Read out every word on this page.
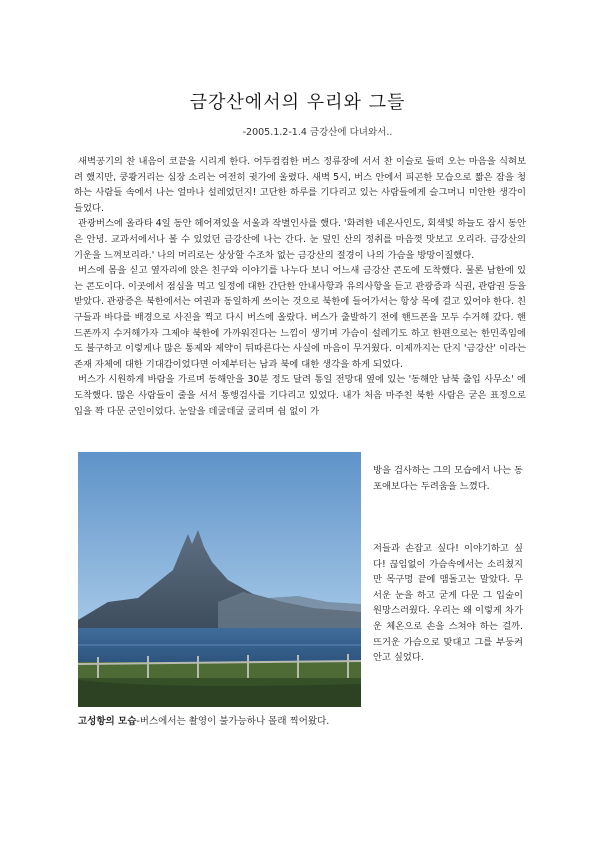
금강산에서의 우리와 그들
-2005.1.2-1.4 금강산에 다녀와서..

새벽공기의 찬 내음이 코끝을 시리게 한다. 어두컴컴한 버스 정류장에 서서 찬 이슬로 들떠 오는 마음을 식혀보려 했지만, 쿵쾅거리는 심장 소리는 여전히 귓가에 울렸다. 새벽 5시, 버스 안에서 피곤한 모습으로 짧은 잠을 청하는 사람들 속에서 나는 얼마나 설레었던지! 고단한 하루를 기다리고 있는 사람들에게 슬그머니 미안한 생각이 들었다.

관광버스에 올라타 4일 동안 헤어져있을 서울과 작별인사를 했다. '화려한 네온사인도, 회색빛 하늘도 잠시 동안은 안녕. 교과서에서나 볼 수 있었던 금강산에 나는 간다. 눈 덮인 산의 정취를 마음껏 맛보고 오리라. 금강산의 기운을 느껴보리라.' 나의 머리로는 상상할 수조차 없는 금강산의 절경이 나의 가슴을 방망이질했다.

버스에 몸을 싣고 옆자리에 앉은 친구와 이야기를 나누다 보니 어느새 금강산 콘도에 도착했다. 물론 남한에 있는 콘도이다. 이곳에서 점심을 먹고 일정에 대한 간단한 안내사항과 유의사항을 듣고 관광증과 식권, 관람권 등을 받았다. 관광증은 북한에서는 여권과 동일하게 쓰이는 것으로 북한에 들어가서는 항상 목에 걸고 있어야 한다. 친구들과 바다를 배경으로 사진을 찍고 다시 버스에 올랐다. 버스가 출발하기 전에 핸드폰을 모두 수거해 갔다. 핸드폰까지 수거해가자 그제야 북한에 가까워진다는 느낌이 생기며 가슴이 설레기도 하고 한편으로는 한민족임에도 불구하고 이렇게나 많은 통제와 제약이 뒤따른다는 사실에 마음이 무거웠다. 이제까지는 단지 '금강산' 이라는 존재 자체에 대한 기대감이었다면 이제부터는 남과 북에 대한 생각을 하게 되었다.

버스가 시원하게 바람을 가르며 동해안을 30분 정도 달려 통일 전망대 옆에 있는 '동해안 남북 출입 사무소' 에 도착했다. 많은 사람들이 줄을 서서 통행검사를 기다리고 있었다. 내가 처음 마주친 북한 사람은 굳은 표정으로 입을 꽉 다문 군인이었다. 눈알을 데굴데굴 굴리며 쉼 없이 가

방을 검사하는 그의 모습에서 나는 동포애보다는 두려움을 느꼈다.
저들과 손잡고 싶다! 이야기하고 싶다! 끊임없이 가슴속에서는 소리쳤지만 목구멍 끝에 맴돌고는 말았다. 무서운 눈을 하고 굳게 다문 그 입술이 원망스러웠다. 우리는 왜 이렇게 차가운 체온으로 손을 스쳐야 하는 걸까. 뜨거운 가슴으로 맞대고 그를 부둥켜안고 싶었다.
고성항의 모습-버스에서는 촬영이 불가능하나 몰래 찍어왔다.
